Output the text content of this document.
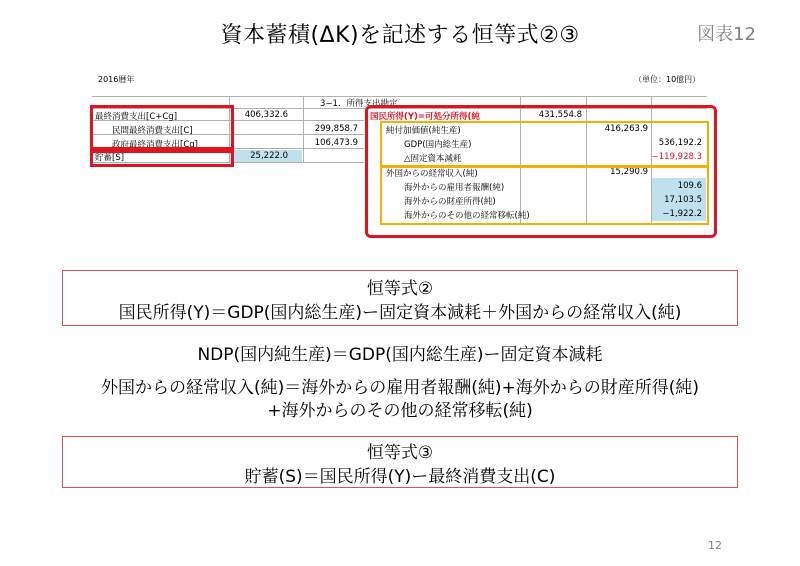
資本蓄積(ΔK)を記述する恒等式②③	図表12
2016暦年	（単位：10億円）
3−1．所得支出勘定
最終消費支出[C+Cg]	406,332.6
民間最終消費支出[C]	299,858.7
政府最終消費支出[Cg]	106,473.9
貯蓄[S]	25,222.0
国民所得(Y)=可処分所得(純	431,554.8
純付加価値(純生産)	416,263.9
GDP(国内総生産)	536,192.2
△固定資本減耗	−119,928.3
外国からの経常収入(純)	15,290.9
海外からの雇用者報酬(純)	109.6
海外からの財産所得(純)	17,103.5
海外からのその他の経常移転(純)	−1,922.2
恒等式②
国民所得(Y)＝GDP(国内総生産)ー固定資本減耗＋外国からの経常収入(純)
NDP(国内純生産)＝GDP(国内総生産)ー固定資本減耗
外国からの経常収入(純)＝海外からの雇用者報酬(純)+海外からの財産所得(純)
+海外からのその他の経常移転(純)
恒等式③
貯蓄(S)＝国民所得(Y)ー最終消費支出(C)
12
